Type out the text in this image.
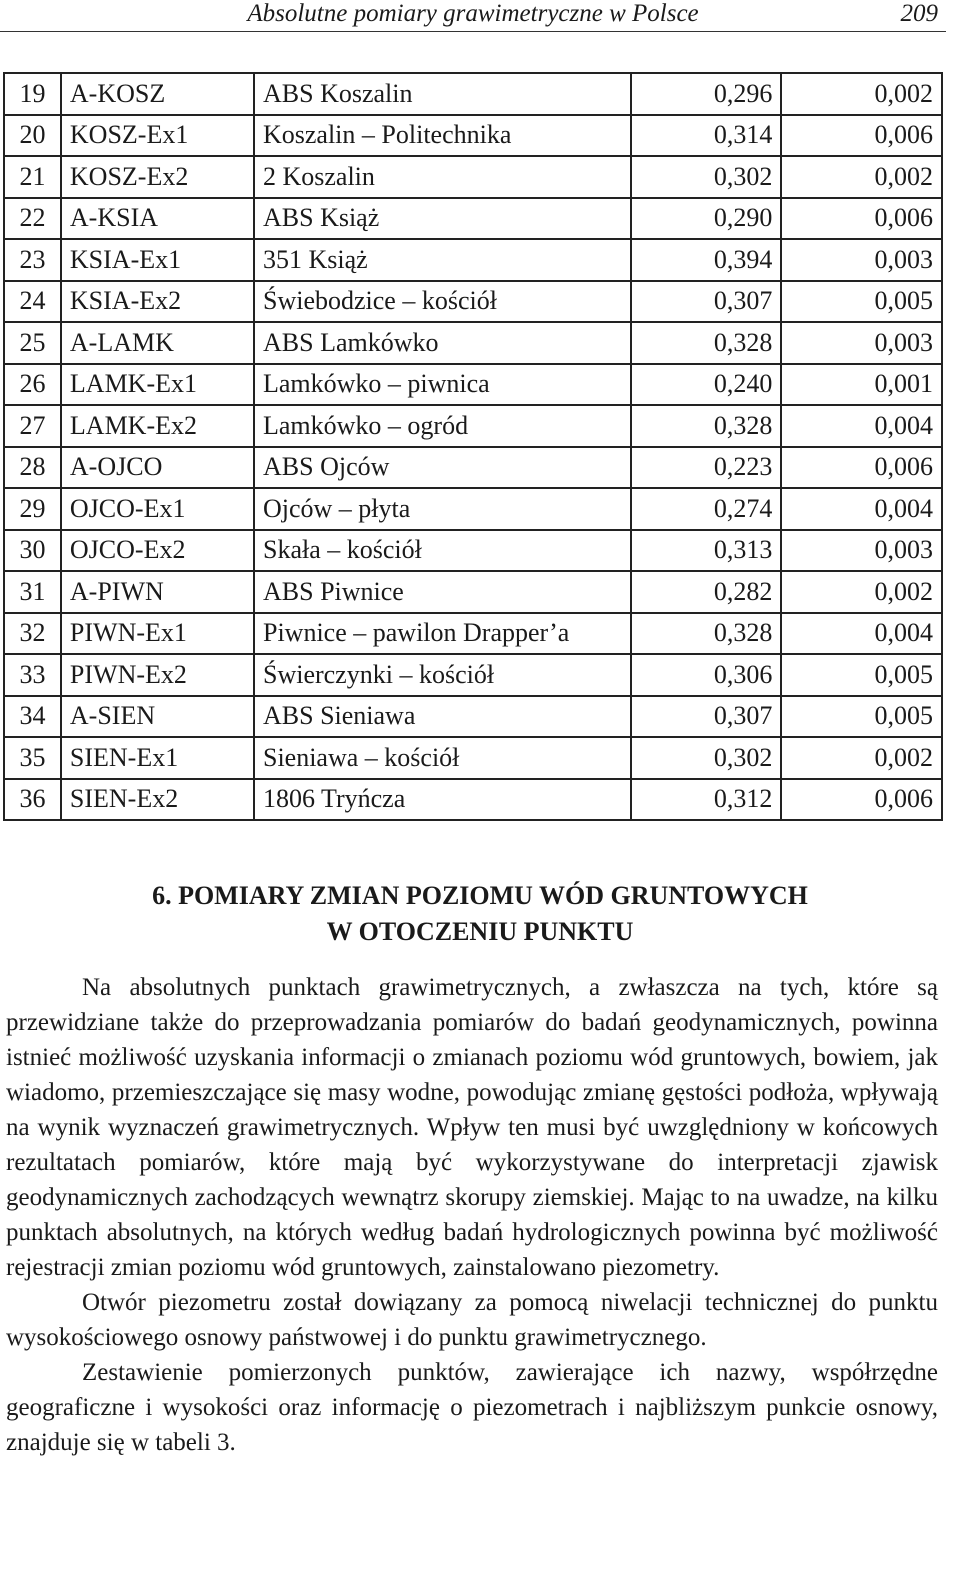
Absolutne pomiary grawimetryczne w Polsce	209
19	A-KOSZ	ABS Koszalin	0,296	0,002
20	KOSZ-Ex1	Koszalin – Politechnika	0,314	0,006
21	KOSZ-Ex2	2 Koszalin	0,302	0,002
22	A-KSIA	ABS Książ	0,290	0,006
23	KSIA-Ex1	351 Książ	0,394	0,003
24	KSIA-Ex2	Świebodzice – kościół	0,307	0,005
25	A-LAMK	ABS Lamkówko	0,328	0,003
26	LAMK-Ex1	Lamkówko – piwnica	0,240	0,001
27	LAMK-Ex2	Lamkówko – ogród	0,328	0,004
28	A-OJCO	ABS Ojców	0,223	0,006
29	OJCO-Ex1	Ojców – płyta	0,274	0,004
30	OJCO-Ex2	Skała – kościół	0,313	0,003
31	A-PIWN	ABS Piwnice	0,282	0,002
32	PIWN-Ex1	Piwnice – pawilon Drapper’a	0,328	0,004
33	PIWN-Ex2	Świerczynki – kościół	0,306	0,005
34	A-SIEN	ABS Sieniawa	0,307	0,005
35	SIEN-Ex1	Sieniawa – kościół	0,302	0,002
36	SIEN-Ex2	1806 Tryńcza	0,312	0,006
6. POMIARY ZMIAN POZIOMU WÓD GRUNTOWYCH
W OTOCZENIU PUNKTU

Na absolutnych punktach grawimetrycznych, a zwłaszcza na tych, które są przewidziane także do przeprowadzania pomiarów do badań geodynamicznych, powinna istnieć możliwość uzyskania informacji o zmianach poziomu wód gruntowych, bowiem, jak wiadomo, przemieszczające się masy wodne, powodując zmianę gęstości podłoża, wpływają na wynik wyznaczeń grawimetrycznych. Wpływ ten musi być uwzględniony w końcowych rezultatach pomiarów, które mają być wykorzystywane do interpretacji zjawisk geodynamicznych zachodzących wewnątrz skorupy ziemskiej. Mając to na uwadze, na kilku punktach absolutnych, na których według badań hydrologicznych powinna być możliwość rejestracji zmian poziomu wód gruntowych, zainstalowano piezometry.

Otwór piezometru został dowiązany za pomocą niwelacji technicznej do punktu wysokościowego osnowy państwowej i do punktu grawimetrycznego.

Zestawienie pomierzonych punktów, zawierające ich nazwy, współrzędne geograficzne i wysokości oraz informację o piezometrach i najbliższym punkcie osnowy, znajduje się w tabeli 3.
